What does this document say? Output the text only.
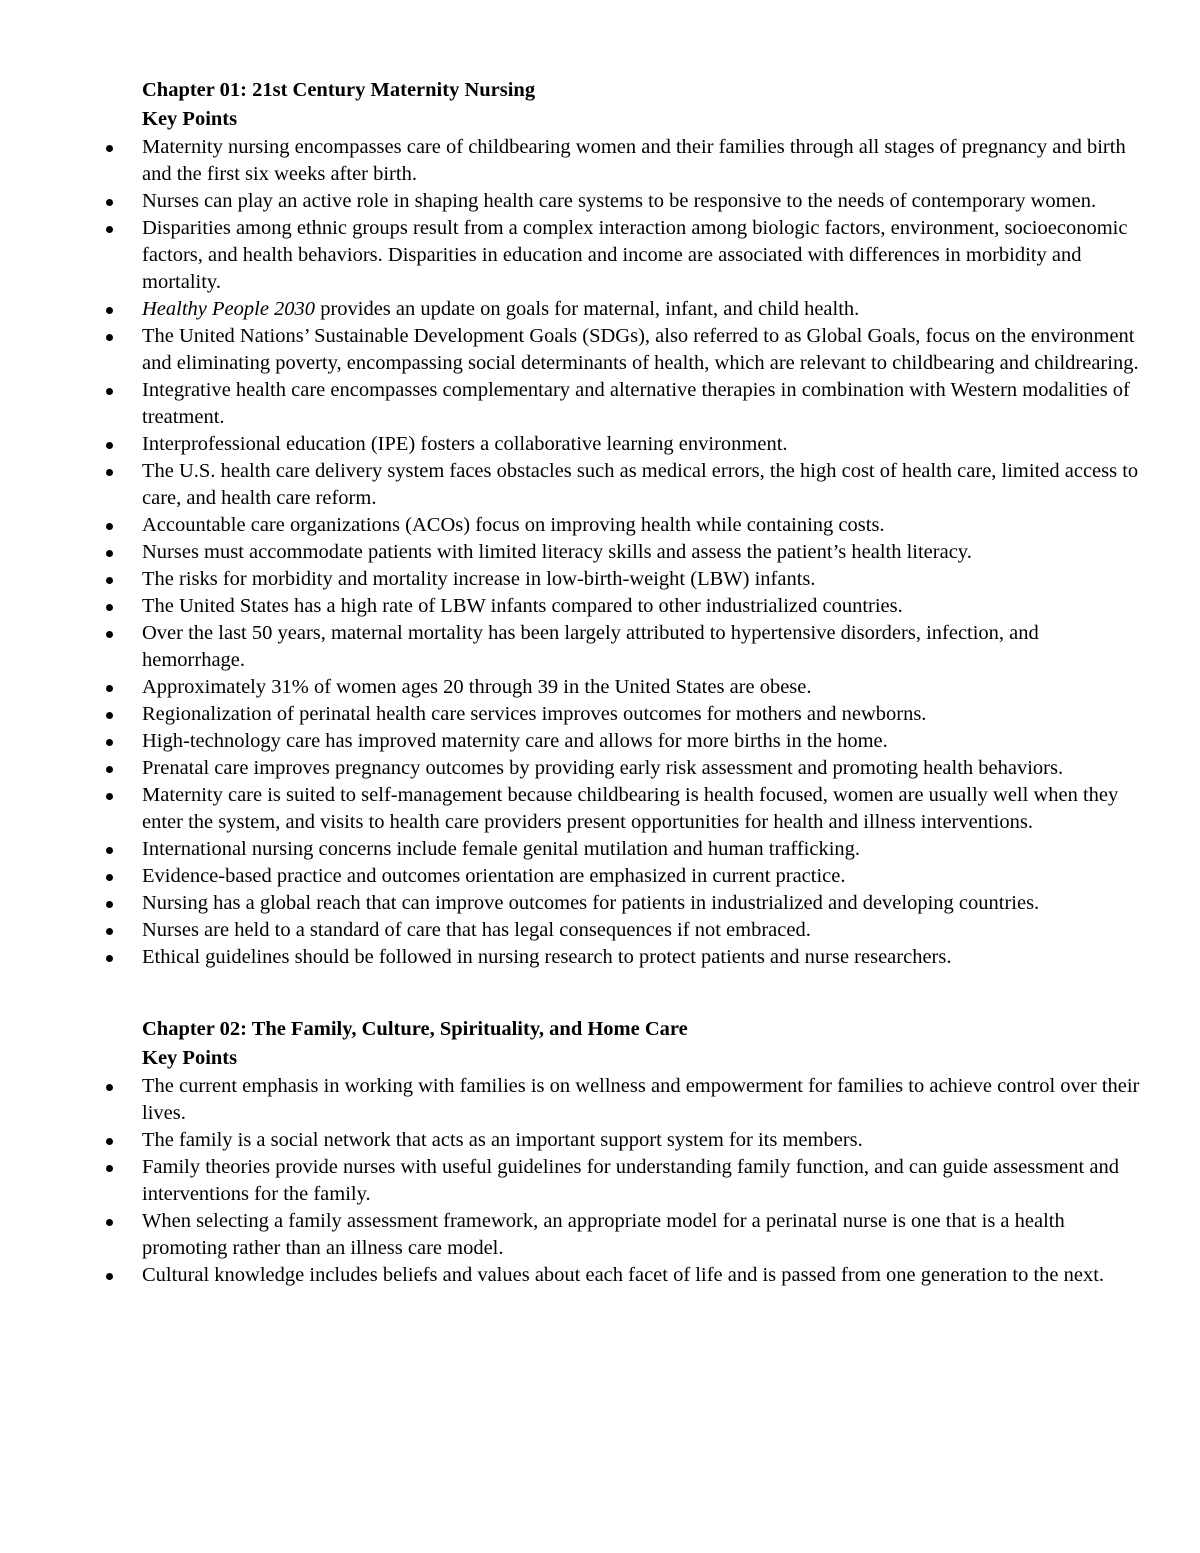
Chapter 01: 21st Century Maternity Nursing
Key Points
Maternity nursing encompasses care of childbearing women and their families through all stages of pregnancy and birth and the first six weeks after birth.
Nurses can play an active role in shaping health care systems to be responsive to the needs of contemporary women.
Disparities among ethnic groups result from a complex interaction among biologic factors, environment, socioeconomic factors, and health behaviors. Disparities in education and income are associated with differences in morbidity and mortality.
Healthy People 2030 provides an update on goals for maternal, infant, and child health.
The United Nations’ Sustainable Development Goals (SDGs), also referred to as Global Goals, focus on the environment and eliminating poverty, encompassing social determinants of health, which are relevant to childbearing and childrearing.
Integrative health care encompasses complementary and alternative therapies in combination with Western modalities of treatment.
Interprofessional education (IPE) fosters a collaborative learning environment.
The U.S. health care delivery system faces obstacles such as medical errors, the high cost of health care, limited access to care, and health care reform.
Accountable care organizations (ACOs) focus on improving health while containing costs.
Nurses must accommodate patients with limited literacy skills and assess the patient’s health literacy.
The risks for morbidity and mortality increase in low-birth-weight (LBW) infants.
The United States has a high rate of LBW infants compared to other industrialized countries.
Over the last 50 years, maternal mortality has been largely attributed to hypertensive disorders, infection, and hemorrhage.
Approximately 31% of women ages 20 through 39 in the United States are obese.
Regionalization of perinatal health care services improves outcomes for mothers and newborns.
High-technology care has improved maternity care and allows for more births in the home.
Prenatal care improves pregnancy outcomes by providing early risk assessment and promoting health behaviors.
Maternity care is suited to self-management because childbearing is health focused, women are usually well when they enter the system, and visits to health care providers present opportunities for health and illness interventions.
International nursing concerns include female genital mutilation and human trafficking.
Evidence-based practice and outcomes orientation are emphasized in current practice.
Nursing has a global reach that can improve outcomes for patients in industrialized and developing countries.
Nurses are held to a standard of care that has legal consequences if not embraced.
Ethical guidelines should be followed in nursing research to protect patients and nurse researchers.
Chapter 02: The Family, Culture, Spirituality, and Home Care
Key Points
The current emphasis in working with families is on wellness and empowerment for families to achieve control over their lives.
The family is a social network that acts as an important support system for its members.
Family theories provide nurses with useful guidelines for understanding family function, and can guide assessment and interventions for the family.
When selecting a family assessment framework, an appropriate model for a perinatal nurse is one that is a health promoting rather than an illness care model.
Cultural knowledge includes beliefs and values about each facet of life and is passed from one generation to the next.
